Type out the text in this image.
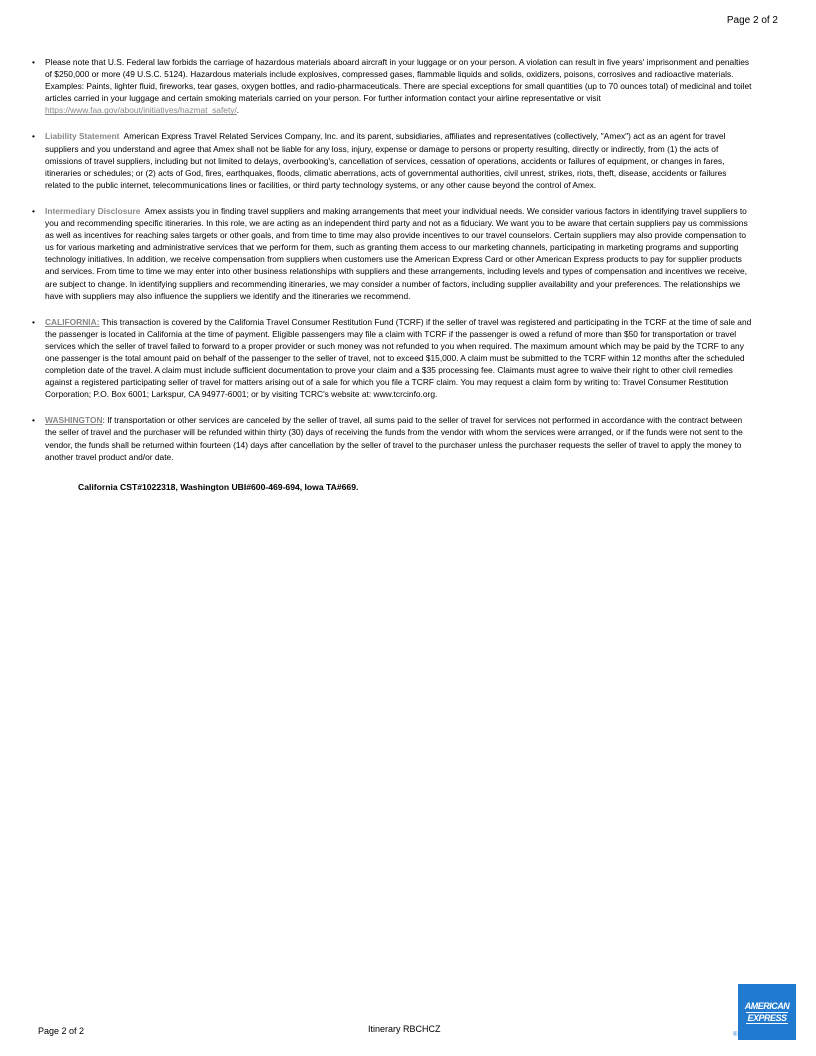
Page 2 of 2
• Please note that U.S. Federal law forbids the carriage of hazardous materials aboard aircraft in your luggage or on your person. A violation can result in five years' imprisonment and penalties of $250,000 or more (49 U.S.C. 5124). Hazardous materials include explosives, compressed gases, flammable liquids and solids, oxidizers, poisons, corrosives and radioactive materials. Examples: Paints, lighter fluid, fireworks, tear gases, oxygen bottles, and radio-pharmaceuticals. There are special exceptions for small quantities (up to 70 ounces total) of medicinal and toilet articles carried in your luggage and certain smoking materials carried on your person. For further information contact your airline representative or visit https://www.faa.gov/about/initiatives/hazmat_safety/.
• Liability Statement American Express Travel Related Services Company, Inc. and its parent, subsidiaries, affiliates and representatives (collectively, "Amex") act as an agent for travel suppliers and you understand and agree that Amex shall not be liable for any loss, injury, expense or damage to persons or property resulting, directly or indirectly, from (1) the acts of omissions of travel suppliers, including but not limited to delays, overbooking's, cancellation of services, cessation of operations, accidents or failures of equipment, or changes in fares, itineraries or schedules; or (2) acts of God, fires, earthquakes, floods, climatic aberrations, acts of governmental authorities, civil unrest, strikes, riots, theft, disease, accidents or failures related to the public internet, telecommunications lines or facilities, or third party technology systems, or any other cause beyond the control of Amex.
• Intermediary Disclosure Amex assists you in finding travel suppliers and making arrangements that meet your individual needs. We consider various factors in identifying travel suppliers to you and recommending specific itineraries. In this role, we are acting as an independent third party and not as a fiduciary. We want you to be aware that certain suppliers pay us commissions as well as incentives for reaching sales targets or other goals, and from time to time may also provide incentives to our travel counselors. Certain suppliers may also provide compensation to us for various marketing and administrative services that we perform for them, such as granting them access to our marketing channels, participating in marketing programs and supporting technology initiatives. In addition, we receive compensation from suppliers when customers use the American Express Card or other American Express products to pay for supplier products and services. From time to time we may enter into other business relationships with suppliers and these arrangements, including levels and types of compensation and incentives we receive, are subject to change. In identifying suppliers and recommending itineraries, we may consider a number of factors, including supplier availability and your preferences. The relationships we have with suppliers may also influence the suppliers we identify and the itineraries we recommend.
• CALIFORNIA: This transaction is covered by the California Travel Consumer Restitution Fund (TCRF) if the seller of travel was registered and participating in the TCRF at the time of sale and the passenger is located in California at the time of payment. Eligible passengers may file a claim with TCRF if the passenger is owed a refund of more than $50 for transportation or travel services which the seller of travel failed to forward to a proper provider or such money was not refunded to you when required. The maximum amount which may be paid by the TCRF to any one passenger is the total amount paid on behalf of the passenger to the seller of travel, not to exceed $15,000. A claim must be submitted to the TCRF within 12 months after the scheduled completion date of the travel. A claim must include sufficient documentation to prove your claim and a $35 processing fee. Claimants must agree to waive their right to other civil remedies against a registered participating seller of travel for matters arising out of a sale for which you file a TCRF claim. You may request a claim form by writing to: Travel Consumer Restitution Corporation; P.O. Box 6001; Larkspur, CA 94977-6001; or by visiting TCRC's website at: www.tcrcinfo.org.
• WASHINGTON: If transportation or other services are canceled by the seller of travel, all sums paid to the seller of travel for services not performed in accordance with the contract between the seller of travel and the purchaser will be refunded within thirty (30) days of receiving the funds from the vendor with whom the services were arranged, or if the funds were not sent to the vendor, the funds shall be returned within fourteen (14) days after cancellation by the seller of travel to the purchaser unless the purchaser requests the seller of travel to apply the money to another travel product and/or date.
California CST#1022318, Washington UBI#600-469-694, Iowa TA#669.
Page 2 of 2	Itinerary RBCHCZ
AMERICAN
EXPRESS
®
